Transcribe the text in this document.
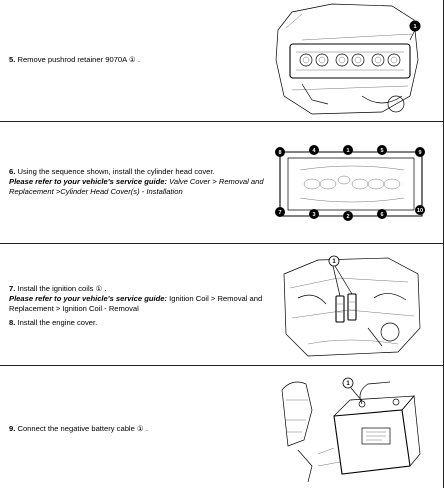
5. Remove pushrod retainer 9070A ① .
1
6. Using the sequence shown, install the cylinder head cover.
Please refer to your vehicle's service guide: Valve Cover > Removal and Replacement >Cylinder Head Cover(s) - Installation
8	4	1	5	9
7	3	2	6
10
7. Install the ignition coils ① .
Please refer to your vehicle's service guide: Ignition Coil > Removal and Replacement > Ignition Coil - Removal
8. Install the engine cover.
1
9. Connect the negative battery cable ① .
1
